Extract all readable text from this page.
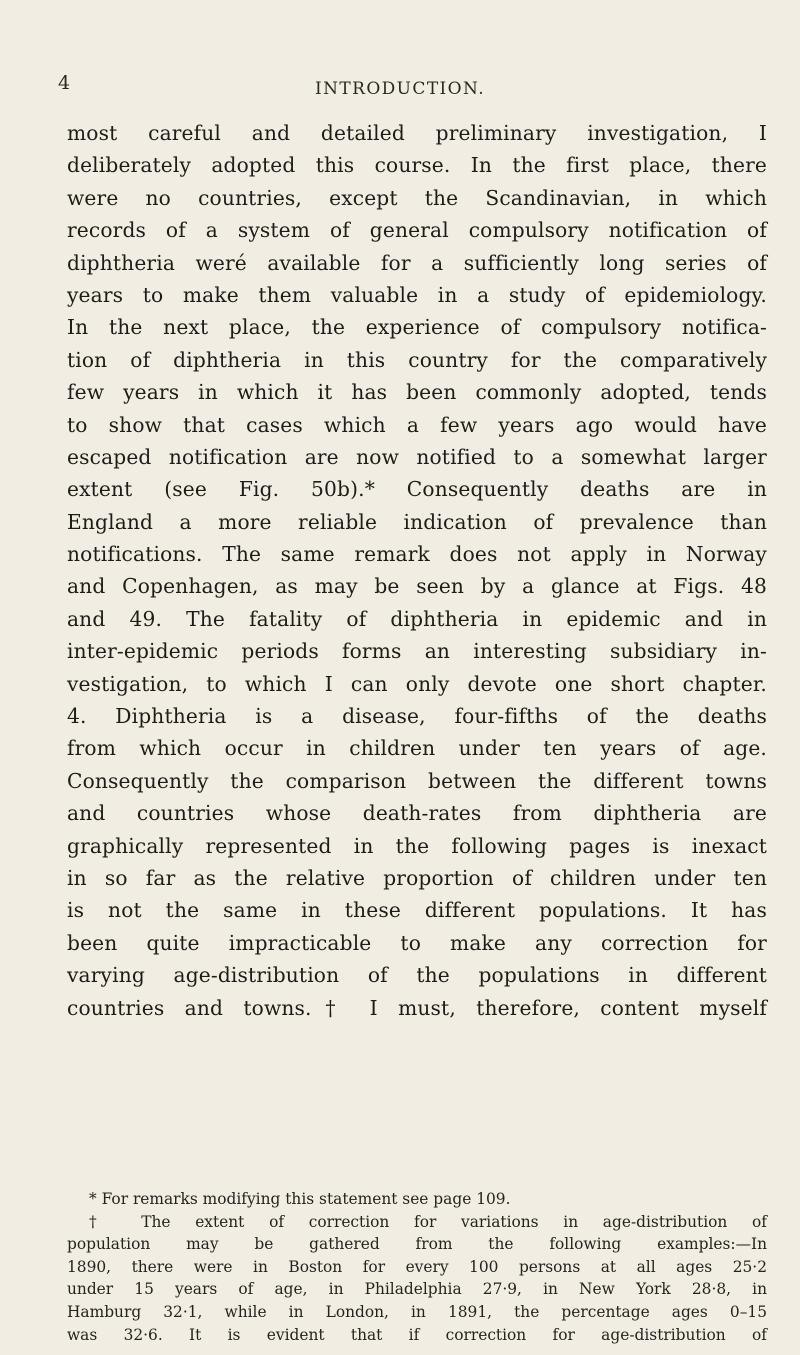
4	INTRODUCTION.
most careful and detailed preliminary investigation, I
deliberately adopted this course. In the first place, there
were no countries, except the Scandinavian, in which
records of a system of general compulsory notification of
diphtheria weré available for a sufficiently long series of
years to make them valuable in a study of epidemiology.
In the next place, the experience of compulsory notifica-
tion of diphtheria in this country for the comparatively
few years in which it has been commonly adopted, tends
to show that cases which a few years ago would have
escaped notification are now notified to a somewhat larger
extent (see Fig. 50b).* Consequently deaths are in
England a more reliable indication of prevalence than
notifications. The same remark does not apply in Norway
and Copenhagen, as may be seen by a glance at Figs. 48
and 49. The fatality of diphtheria in epidemic and in
inter-epidemic periods forms an interesting subsidiary in-
vestigation, to which I can only devote one short chapter.
4. Diphtheria is a disease, four-fifths of the deaths
from which occur in children under ten years of age.
Consequently the comparison between the different towns
and countries whose death-rates from diphtheria are
graphically represented in the following pages is inexact
in so far as the relative proportion of children under ten
is not the same in these different populations. It has
been quite impracticable to make any correction for
varying age-distribution of the populations in different
countries and towns.† I must, therefore, content myself
* For remarks modifying this statement see page 109.
† The extent of correction for variations in age-distribution of
population may be gathered from the following examples:—In
1890, there were in Boston for every 100 persons at all ages 25·2
under 15 years of age, in Philadelphia 27·9, in New York 28·8, in
Hamburg 32·1, while in London, in 1891, the percentage ages 0–15
was 32·6. It is evident that if correction for age-distribution of
